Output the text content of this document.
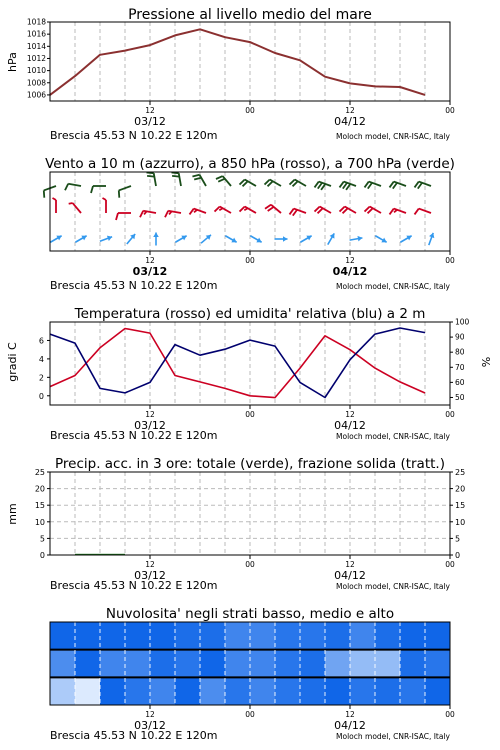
Pressione al livello medio del mare
hPa
1006
1008
1010
1012
1014
1016
1018
12	00	12	00
03/12	04/12
Brescia 45.53 N 10.22 E 120m	Moloch model, CNR-ISAC, Italy
Vento a 10 m (azzurro), a 850 hPa (rosso), a 700 hPa (verde)
12	00	12	00
03/12	04/12
Brescia 45.53 N 10.22 E 120m	Moloch model, CNR-ISAC, Italy
Temperatura (rosso) ed umidita' relativa (blu) a 2 m
gradi C	%
0
2
4
6
50
60
70
80
90
100
12	00	12	00
03/12	04/12
Brescia 45.53 N 10.22 E 120m	Moloch model, CNR-ISAC, Italy
Precip. acc. in 3 ore: totale (verde), frazione solida (tratt.)
mm
0	0
5	5
10	10
15	15
20	20
25	25
12	00	12	00
03/12	04/12
Brescia 45.53 N 10.22 E 120m	Moloch model, CNR-ISAC, Italy
Nuvolosita' negli strati basso, medio e alto
12	00	12	00
03/12	04/12
Brescia 45.53 N 10.22 E 120m	Moloch model, CNR-ISAC, Italy
